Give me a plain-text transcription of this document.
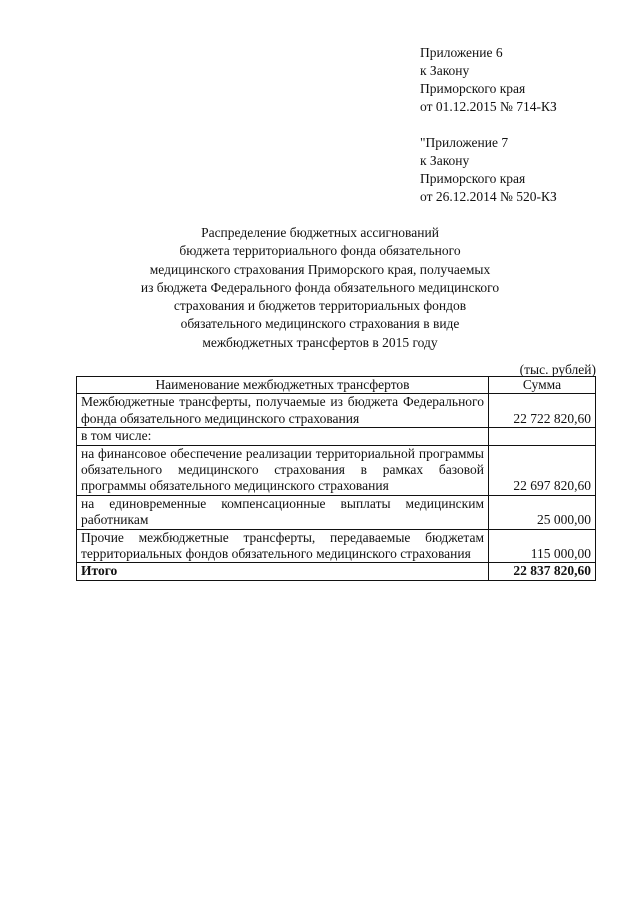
Приложение 6
к Закону
Приморского края
от 01.12.2015 № 714-КЗ
"Приложение 7
к Закону
Приморского края
от 26.12.2014 № 520-КЗ
Распределение бюджетных ассигнований
бюджета территориального фонда обязательного
медицинского страхования Приморского края, получаемых
из бюджета Федерального фонда обязательного медицинского
страхования и бюджетов территориальных фондов
обязательного медицинского страхования в виде
межбюджетных трансфертов в 2015 году
(тыс. рублей)
Наименование межбюджетных трансфертов	Сумма
Межбюджетные трансферты, получаемые из бюджета Федерального фонда обязательного медицинского страхования	22 722 820,60
в том числе:	
на финансовое обеспечение реализации территориальной программы обязательного медицинского страхования в рамках базовой программы обязательного медицинского страхования	22 697 820,60
на единовременные компенсационные выплаты медицинским работникам	25 000,00
Прочие межбюджетные трансферты, передаваемые бюджетам территориальных фондов обязательного медицинского страхования	115 000,00
Итого	22 837 820,60
